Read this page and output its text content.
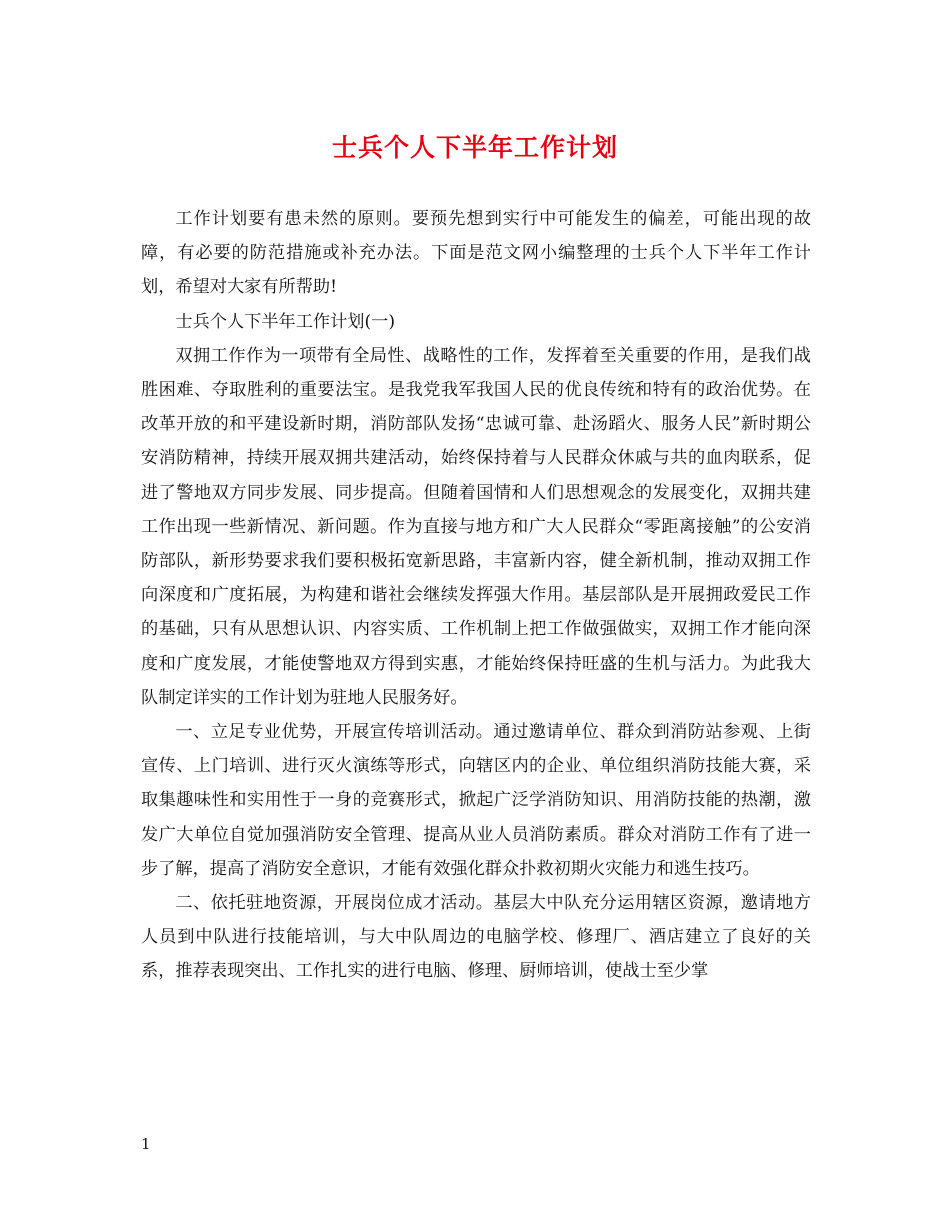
士兵个人下半年工作计划

工作计划要有患未然的原则。要预先想到实行中可能发生的偏差，可能出现的故障，有必要的防范措施或补充办法。下面是范文网小编整理的士兵个人下半年工作计划，希望对大家有所帮助!

士兵个人下半年工作计划(一)

双拥工作作为一项带有全局性、战略性的工作，发挥着至关重要的作用，是我们战胜困难、夺取胜利的重要法宝。是我党我军我国人民的优良传统和特有的政治优势。在改革开放的和平建设新时期，消防部队发扬“忠诚可靠、赴汤蹈火、服务人民”新时期公安消防精神，持续开展双拥共建活动，始终保持着与人民群众休戚与共的血肉联系，促进了警地双方同步发展、同步提高。但随着国情和人们思想观念的发展变化，双拥共建工作出现一些新情况、新问题。作为直接与地方和广大人民群众“零距离接触”的公安消防部队，新形势要求我们要积极拓宽新思路，丰富新内容，健全新机制，推动双拥工作向深度和广度拓展，为构建和谐社会继续发挥强大作用。基层部队是开展拥政爱民工作的基础，只有从思想认识、内容实质、工作机制上把工作做强做实，双拥工作才能向深度和广度发展，才能使警地双方得到实惠，才能始终保持旺盛的生机与活力。为此我大队制定详实的工作计划为驻地人民服务好。

一、立足专业优势，开展宣传培训活动。通过邀请单位、群众到消防站参观、上街宣传、上门培训、进行灭火演练等形式，向辖区内的企业、单位组织消防技能大赛，采取集趣味性和实用性于一身的竞赛形式，掀起广泛学消防知识、用消防技能的热潮，激发广大单位自觉加强消防安全管理、提高从业人员消防素质。群众对消防工作有了进一步了解，提高了消防安全意识，才能有效强化群众扑救初期火灾能力和逃生技巧。

二、依托驻地资源，开展岗位成才活动。基层大中队充分运用辖区资源，邀请地方人员到中队进行技能培训，与大中队周边的电脑学校、修理厂、酒店建立了良好的关系，推荐表现突出、工作扎实的进行电脑、修理、厨师培训，使战士至少掌

1
